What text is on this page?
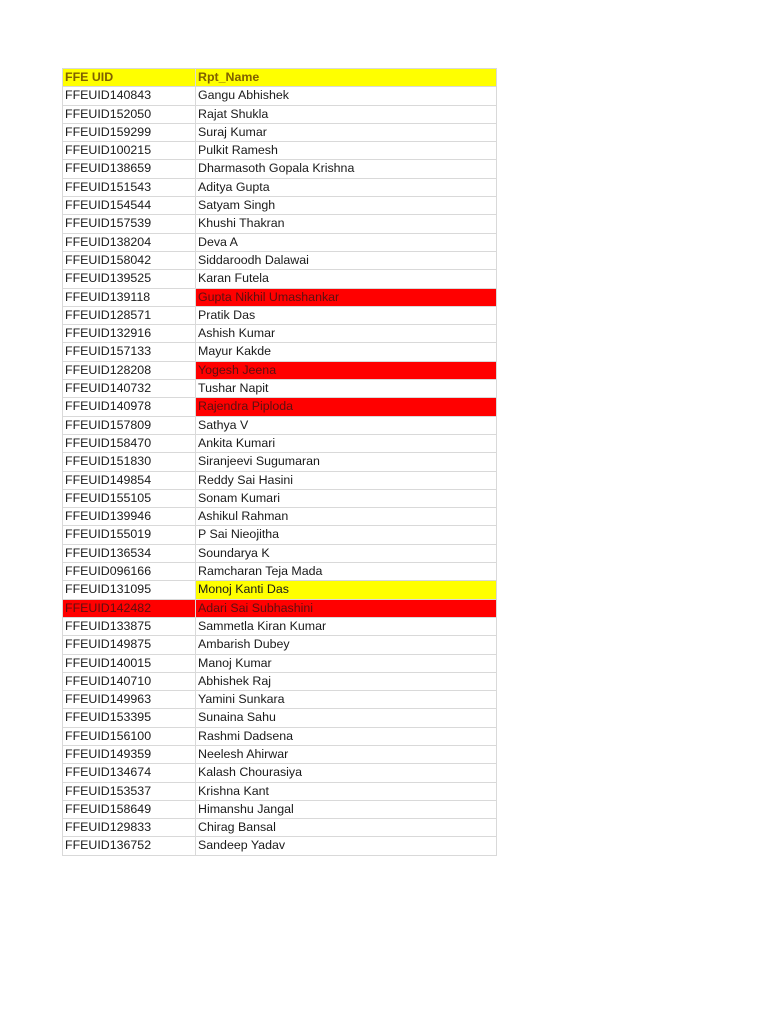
FFE UID	Rpt_Name
FFEUID140843	Gangu Abhishek
FFEUID152050	Rajat Shukla
FFEUID159299	Suraj Kumar
FFEUID100215	Pulkit Ramesh
FFEUID138659	Dharmasoth Gopala Krishna
FFEUID151543	Aditya Gupta
FFEUID154544	Satyam Singh
FFEUID157539	Khushi Thakran
FFEUID138204	Deva A
FFEUID158042	Siddaroodh Dalawai
FFEUID139525	Karan Futela
FFEUID139118	Gupta Nikhil Umashankar
FFEUID128571	Pratik Das
FFEUID132916	Ashish Kumar
FFEUID157133	Mayur Kakde
FFEUID128208	Yogesh Jeena
FFEUID140732	Tushar Napit
FFEUID140978	Rajendra Piploda
FFEUID157809	Sathya V
FFEUID158470	Ankita Kumari
FFEUID151830	Siranjeevi Sugumaran
FFEUID149854	Reddy Sai Hasini
FFEUID155105	Sonam Kumari
FFEUID139946	Ashikul Rahman
FFEUID155019	P Sai Nieojitha
FFEUID136534	Soundarya K
FFEUID096166	Ramcharan Teja Mada
FFEUID131095	Monoj Kanti Das
FFEUID142482	Adari Sai Subhashini
FFEUID133875	Sammetla Kiran Kumar
FFEUID149875	Ambarish Dubey
FFEUID140015	Manoj Kumar
FFEUID140710	Abhishek Raj
FFEUID149963	Yamini Sunkara
FFEUID153395	Sunaina Sahu
FFEUID156100	Rashmi Dadsena
FFEUID149359	Neelesh Ahirwar
FFEUID134674	Kalash Chourasiya
FFEUID153537	Krishna Kant
FFEUID158649	Himanshu Jangal
FFEUID129833	Chirag Bansal
FFEUID136752	Sandeep Yadav
